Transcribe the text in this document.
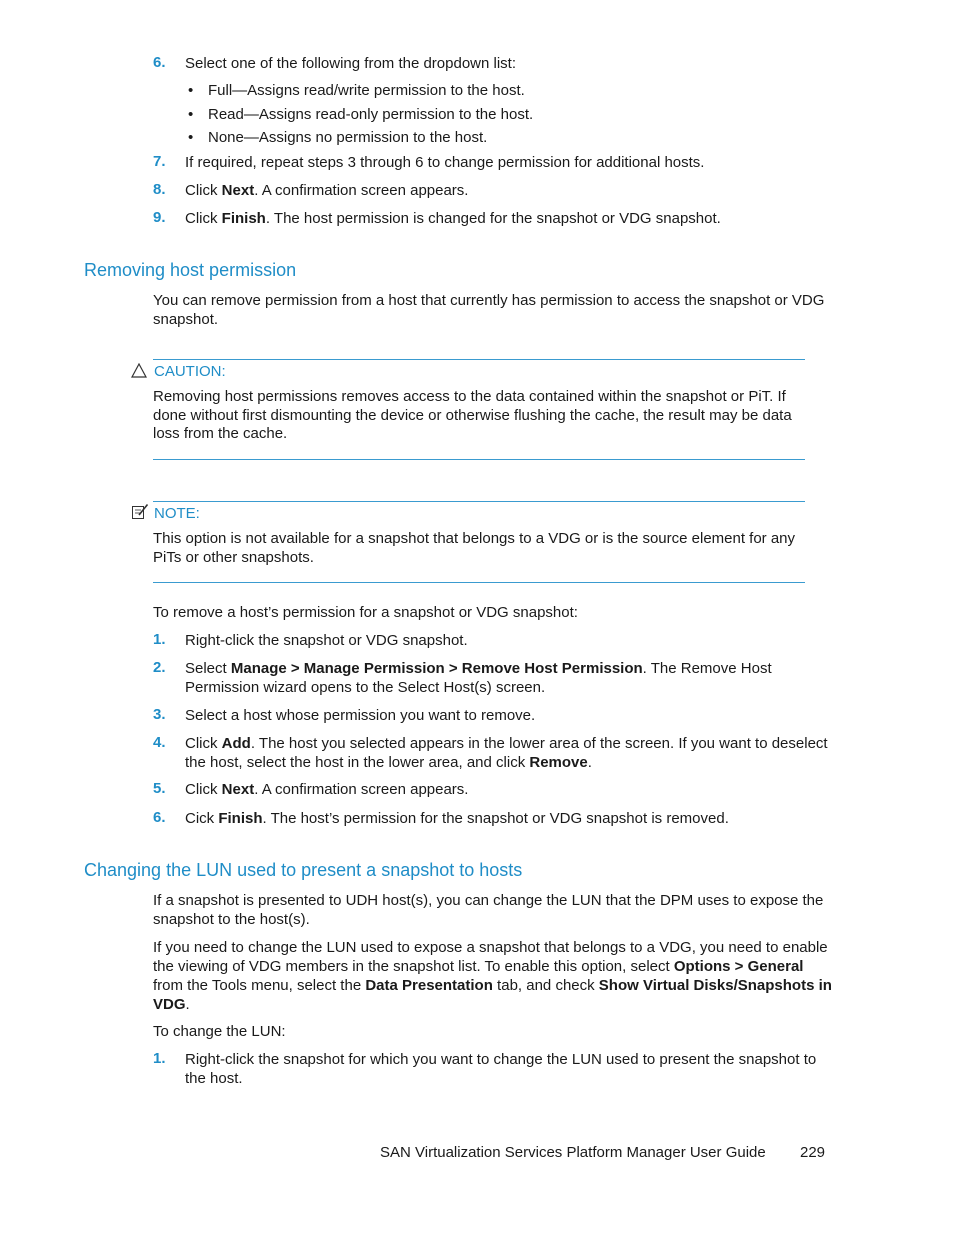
6. Select one of the following from the dropdown list:
• Full—Assigns read/write permission to the host.
• Read—Assigns read-only permission to the host.
• None—Assigns no permission to the host.
7. If required, repeat steps 3 through 6 to change permission for additional hosts.
8. Click Next. A confirmation screen appears.
9. Click Finish. The host permission is changed for the snapshot or VDG snapshot.
Removing host permission
You can remove permission from a host that currently has permission to access the snapshot or VDG snapshot.
CAUTION:
Removing host permissions removes access to the data contained within the snapshot or PiT. If done without first dismounting the device or otherwise flushing the cache, the result may be data loss from the cache.
NOTE:
This option is not available for a snapshot that belongs to a VDG or is the source element for any PiTs or other snapshots.
To remove a host’s permission for a snapshot or VDG snapshot:
1. Right-click the snapshot or VDG snapshot.
2. Select Manage > Manage Permission > Remove Host Permission. The Remove Host Permission wizard opens to the Select Host(s) screen.
3. Select a host whose permission you want to remove.
4. Click Add. The host you selected appears in the lower area of the screen. If you want to deselect the host, select the host in the lower area, and click Remove.
5. Click Next. A confirmation screen appears.
6. Cick Finish. The host’s permission for the snapshot or VDG snapshot is removed.
Changing the LUN used to present a snapshot to hosts
If a snapshot is presented to UDH host(s), you can change the LUN that the DPM uses to expose the snapshot to the host(s).
If you need to change the LUN used to expose a snapshot that belongs to a VDG, you need to enable the viewing of VDG members in the snapshot list. To enable this option, select Options > General from the Tools menu, select the Data Presentation tab, and check Show Virtual Disks/Snapshots in VDG.
To change the LUN:
1. Right-click the snapshot for which you want to change the LUN used to present the snapshot to the host.
SAN Virtualization Services Platform Manager User Guide 229
